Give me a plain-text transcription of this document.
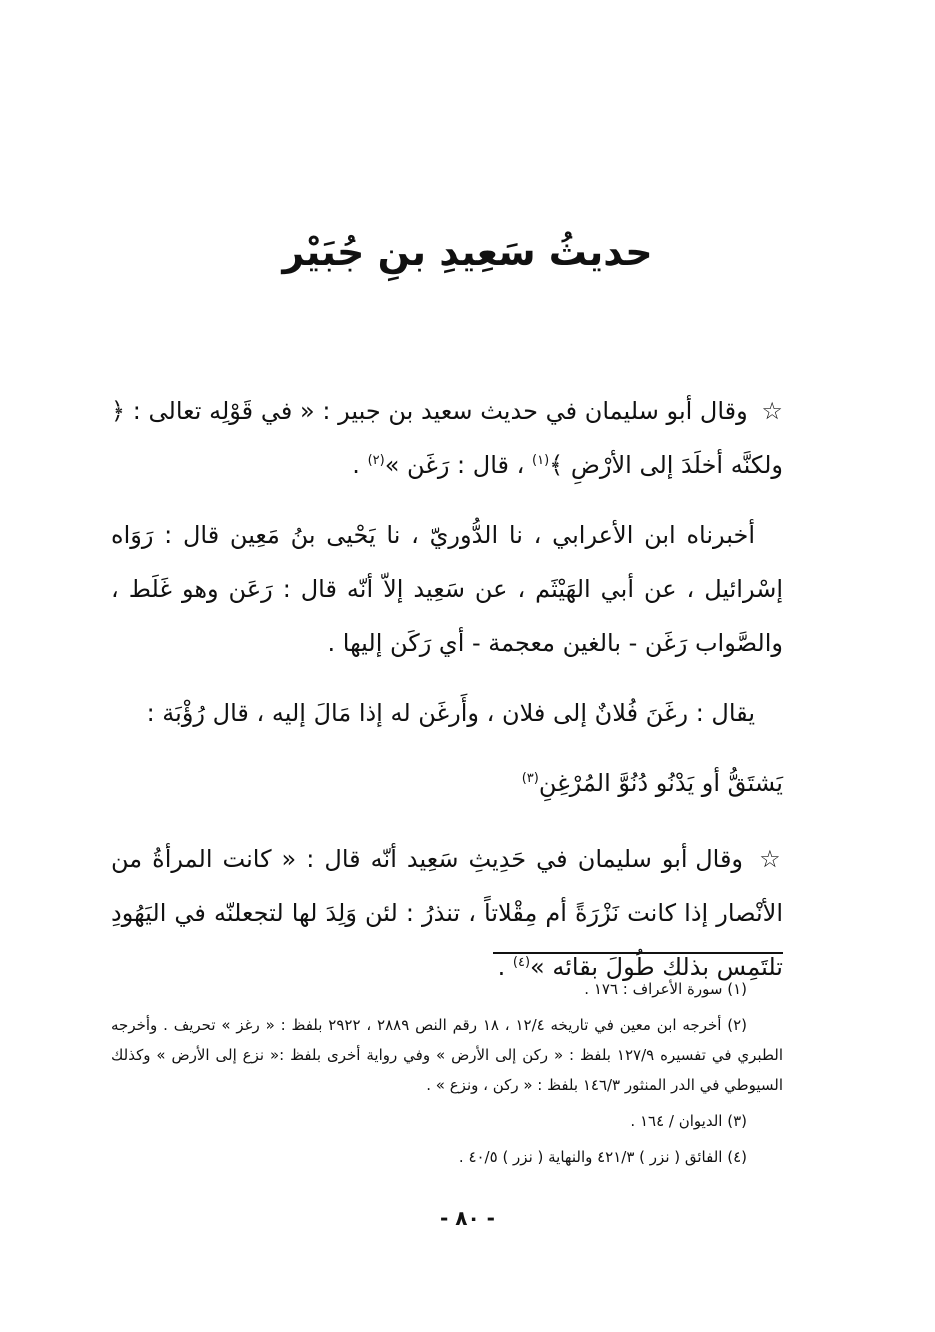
حديثُ سَعِيدِ بنِ جُبَيْر

☆ وقال أبو سليمان في حديث سعيد بن جبير : « في قَوْلِه تعالى : ﴿ ولكنَّه أخلَدَ إلى الأرْضِ ﴾$^{(١)}$ ، قال : رَغَن »$^{(٢)}$ .

أخبرناه ابن الأعرابي ، نا الدُّوريّ ، نا يَحْيى بنُ مَعِين قال : رَوَاه إسْرائيل ، عن أبي الهَيْثَم ، عن سَعِيد إلاّ أنّه قال : رَعَن وهو غَلَط ، والصَّواب رَغَن - بالغين معجمة - أي رَكَن إليها .

يقال : رغَنَ فُلانٌ إلى فلان ، وأَرغَن له إذا مَالَ إليه ، قال رُؤْبَة :

يَشتَقُّ أو يَدْنُو دُنُوَّ المُرْغِنِ$^{(٣)}$

☆ وقال أبو سليمان في حَدِيثِ سَعِيد أنّه قال : « كانت المرأةُ من الأنْصار إذا كانت نَزْرَةً أم مِقْلاتاً ، تنذرُ : لئن وَلِدَ لها لتجعلنّه في اليَهُودِ تلتَمِس بذلك طُولَ بقائه »$^{(٤)}$ .

(١) سورة الأعراف : ١٧٦ .

(٢) أخرجه ابن معين في تاريخه ١٢/٤ ، ١٨ رقم النص ٢٨٨٩ ، ٢٩٢٢ بلفظ : « رغز » تحريف . وأخرجه الطبري في تفسيره ١٢٧/٩ بلفظ : « ركن إلى الأرض » وفي رواية أخرى بلفظ :« نزع إلى الأرض » وكذلك السيوطي في الدر المنثور ١٤٦/٣ بلفظ : « ركن ، ونزع » .

(٣) الديوان / ١٦٤ .

(٤) الفائق ( نزر ) ٤٢١/٣ والنهاية ( نزر ) ٤٠/٥ .

- ٨٠ -
